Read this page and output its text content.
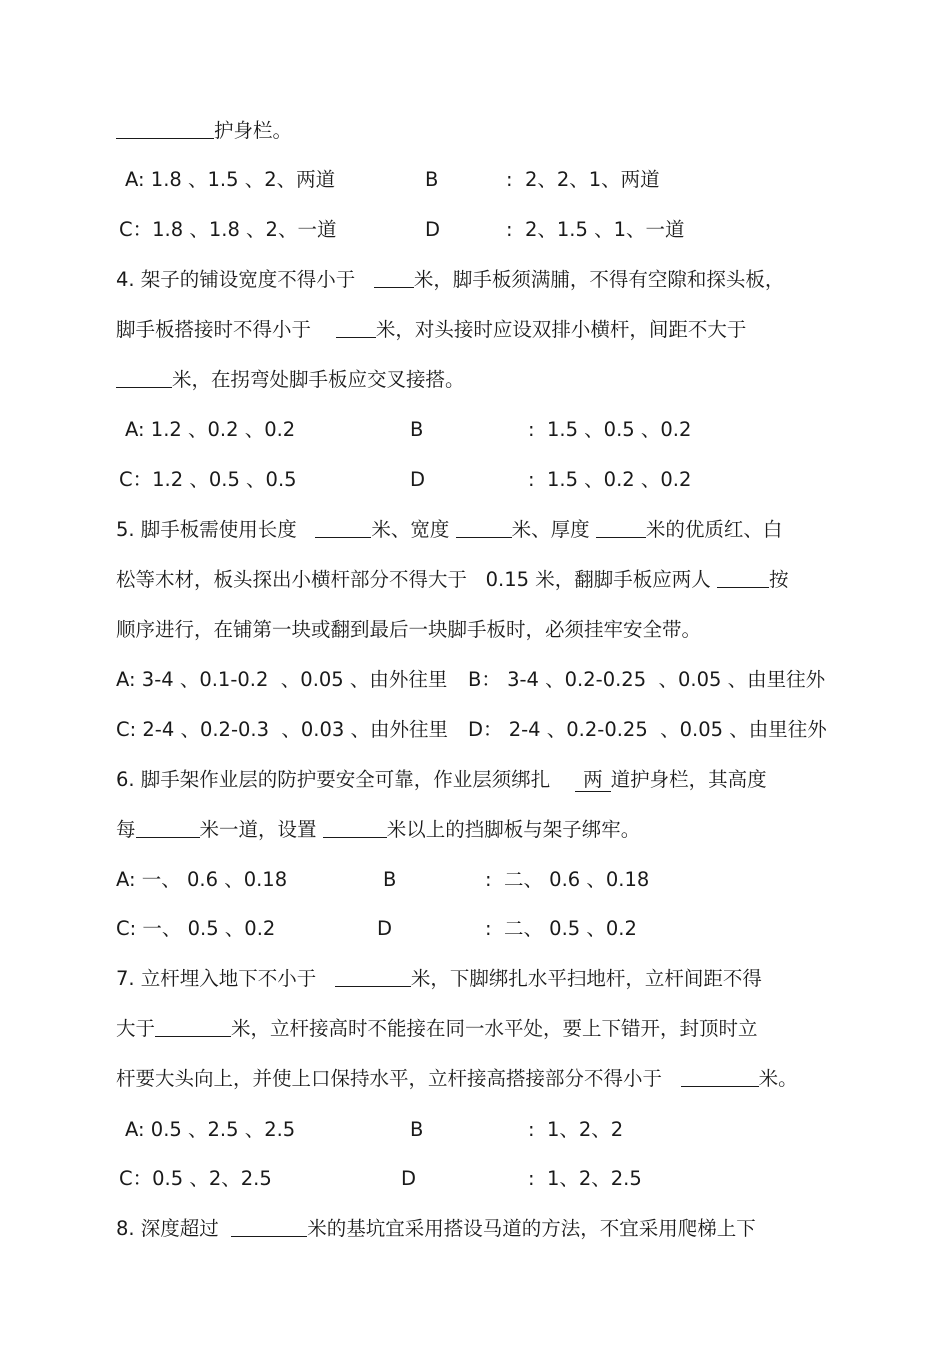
护身栏。
A: 1.8 、1.5 、2、两道	B	:  2、2、1、两道
C：1.8 、1.8 、2、一道	D	:  2、1.5 、1、一道
4. 架子的铺设宽度不得小于	米，脚手板须满脯，不得有空隙和探头板，
脚手板搭接时不得小于	米，对头接时应设双排小横杆，间距不大于
米，在拐弯处脚手板应交叉接搭。
A: 1.2 、0.2 、0.2	B	:  1.5 、0.5 、0.2
C：1.2 、0.5 、0.5	D	:  1.5 、0.2 、0.2
5. 脚手板需使用长度	米、宽度	米、厚度	米的优质红、白
松等木材，板头探出小横杆部分不得大于 0.15 米，翻脚手板应两人	按
顺序进行，在铺第一块或翻到最后一块脚手板时，必须挂牢安全带。
A: 3-4 、0.1-0.2  、0.05 、由外往里 B： 3-4 、0.2-0.25  、0.05 、由里往外
C: 2-4 、0.2-0.3  、0.03 、由外往里 D： 2-4 、0.2-0.25  、0.05 、由里往外
6. 脚手架作业层的防护要安全可靠，作业层须绑扎 两 道护身栏，其高度
每	米一道，设置	米以上的挡脚板与架子绑牢。
A: 一、 0.6 、0.18	B	:  二、 0.6 、0.18
C: 一、 0.5 、0.2	D	:  二、 0.5 、0.2
7. 立杆埋入地下不小于	米，下脚绑扎水平扫地杆，立杆间距不得
大于	米，立杆接高时不能接在同一水平处，要上下错开，封顶时立
杆要大头向上，并使上口保持水平，立杆接高搭接部分不得小于	米。
A: 0.5 、2.5 、2.5	B	:  1、2、2
C：0.5 、2、2.5	D	:  1、2、2.5
8. 深度超过	米的基坑宜采用搭设马道的方法，不宜采用爬梯上下
